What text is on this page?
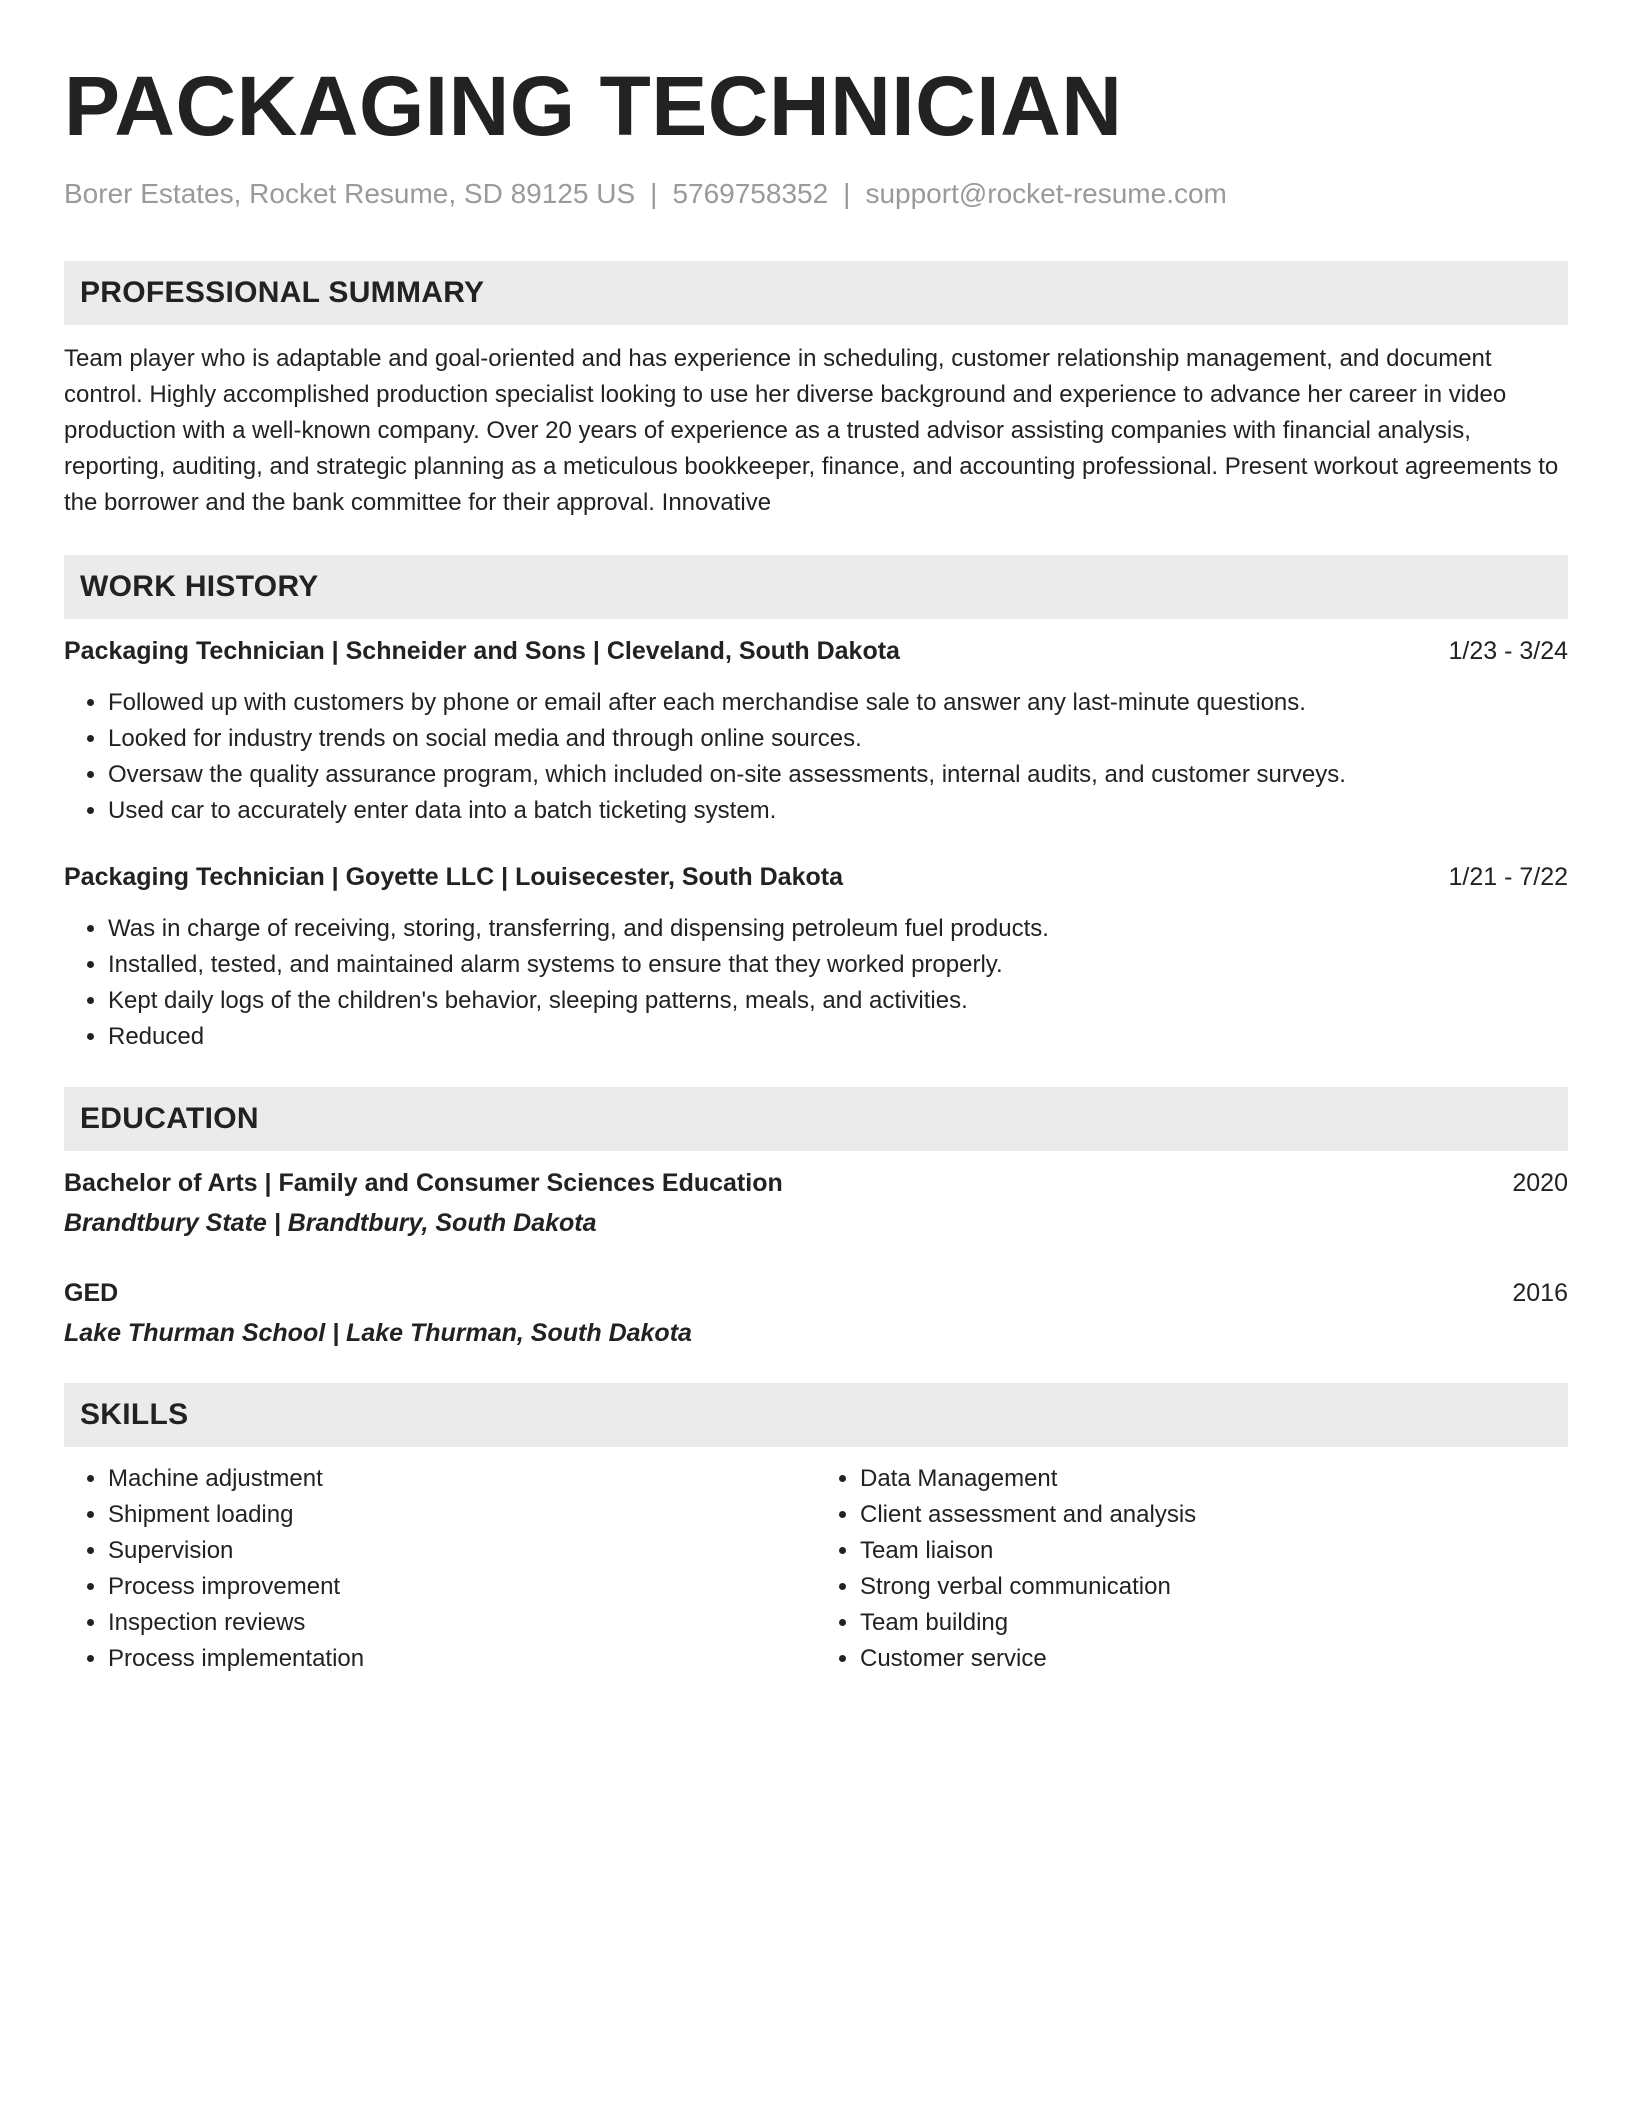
PACKAGING TECHNICIAN
Borer Estates, Rocket Resume, SD 89125 US | 5769758352 | support@rocket-resume.com
PROFESSIONAL SUMMARY
Team player who is adaptable and goal-oriented and has experience in scheduling, customer relationship management, and document control. Highly accomplished production specialist looking to use her diverse background and experience to advance her career in video production with a well-known company. Over 20 years of experience as a trusted advisor assisting companies with financial analysis, reporting, auditing, and strategic planning as a meticulous bookkeeper, finance, and accounting professional. Present workout agreements to the borrower and the bank committee for their approval. Innovative
WORK HISTORY
Packaging Technician | Schneider and Sons | Cleveland, South Dakota	1/23 - 3/24
• Followed up with customers by phone or email after each merchandise sale to answer any last-minute questions.
• Looked for industry trends on social media and through online sources.
• Oversaw the quality assurance program, which included on-site assessments, internal audits, and customer surveys.
• Used car to accurately enter data into a batch ticketing system.
Packaging Technician | Goyette LLC | Louisecester, South Dakota	1/21 - 7/22
• Was in charge of receiving, storing, transferring, and dispensing petroleum fuel products.
• Installed, tested, and maintained alarm systems to ensure that they worked properly.
• Kept daily logs of the children's behavior, sleeping patterns, meals, and activities.
• Reduced
EDUCATION
Bachelor of Arts | Family and Consumer Sciences Education	2020
Brandtbury State | Brandtbury, South Dakota
GED	2016
Lake Thurman School | Lake Thurman, South Dakota
SKILLS
• Machine adjustment
• Shipment loading
• Supervision
• Process improvement
• Inspection reviews
• Process implementation
• Data Management
• Client assessment and analysis
• Team liaison
• Strong verbal communication
• Team building
• Customer service
